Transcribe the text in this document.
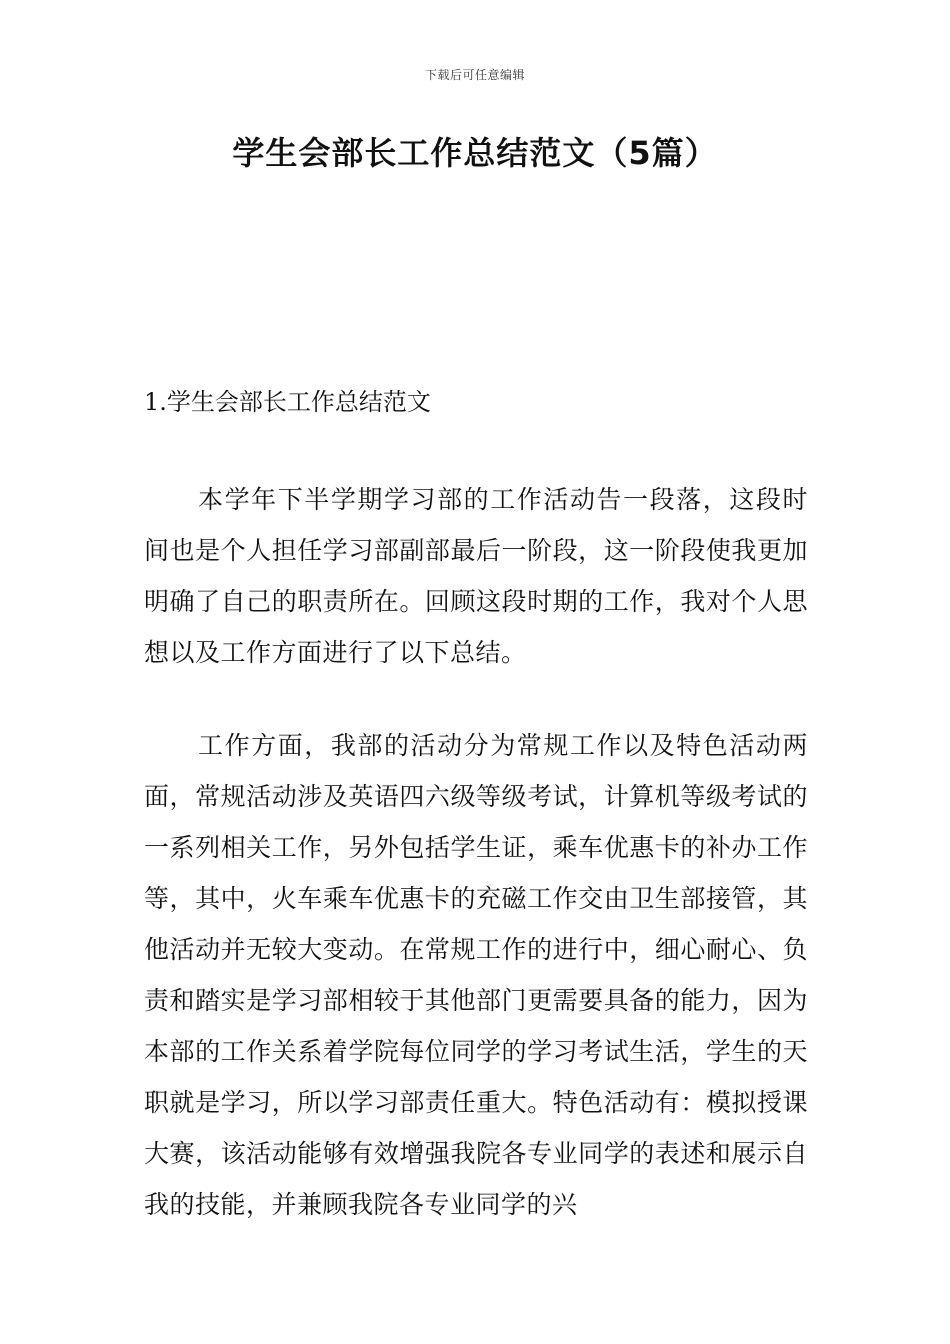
下载后可任意编辑
学生会部长工作总结范文（5篇）
1.学生会部长工作总结范文

本学年下半学期学习部的工作活动告一段落，这段时间也是个人担任学习部副部最后一阶段，这一阶段使我更加明确了自己的职责所在。回顾这段时期的工作，我对个人思想以及工作方面进行了以下总结。

工作方面，我部的活动分为常规工作以及特色活动两面，常规活动涉及英语四六级等级考试，计算机等级考试的一系列相关工作，另外包括学生证，乘车优惠卡的补办工作等，其中，火车乘车优惠卡的充磁工作交由卫生部接管，其他活动并无较大变动。在常规工作的进行中，细心耐心、负责和踏实是学习部相较于其他部门更需要具备的能力，因为本部的工作关系着学院每位同学的学习考试生活，学生的天职就是学习，所以学习部责任重大。特色活动有：模拟授课大赛，该活动能够有效增强我院各专业同学的表述和展示自我的技能，并兼顾我院各专业同学的兴
